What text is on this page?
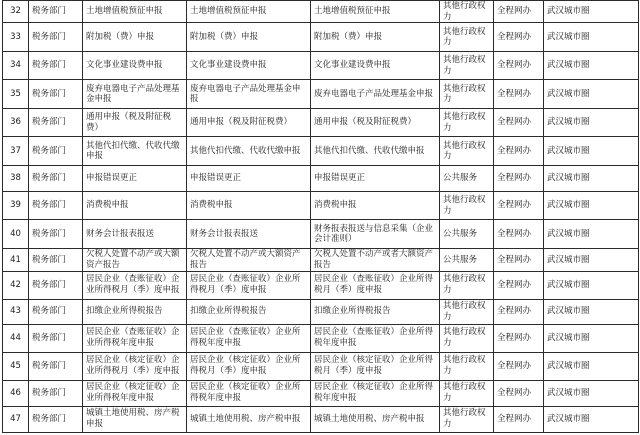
32	税务部门	土地增值税预征申报	土地增值税预征申报	土地增值税预征申报	其他行政权力	全程网办	武汉城市圈
33	税务部门	附加税（费）申报	附加税（费）申报	附加税（费）申报	其他行政权力	全程网办	武汉城市圈
34	税务部门	文化事业建设费申报	文化事业建设费申报	文化事业建设费申报	其他行政权力	全程网办	武汉城市圈
35	税务部门	废弃电器电子产品处理基金申报	废弃电器电子产品处理基金申报	废弃电器电子产品处理基金申报	其他行政权力	全程网办	武汉城市圈
36	税务部门	通用申报（税及附征税费）	通用申报（税及附征税费）	通用申报（税及附征税费）	其他行政权力	全程网办	武汉城市圈
37	税务部门	其他代扣代缴、代收代缴申报	其他代扣代缴、代收代缴申报	其他代扣代缴、代收代缴申报	其他行政权力	全程网办	武汉城市圈
38	税务部门	申报错误更正	申报错误更正	申报错误更正	公共服务	全程网办	武汉城市圈
39	税务部门	消费税申报	消费税申报	消费税申报	其他行政权力	全程网办	武汉城市圈
40	税务部门	财务会计报表报送	财务会计报表报送	财务报表报送与信息采集（企业会计准则）	公共服务	全程网办	武汉城市圈
41	税务部门	欠税人处置不动产或大额资产报告	欠税人处置不动产或大额资产报告	欠税人处置不动产或者大额资产报告	公共服务	全程网办	武汉城市圈
42	税务部门	居民企业（查账征收）企业所得税月（季）度申报	居民企业（查账征收）企业所得税月（季）度申报	居民企业（查账征收）企业所得税月（季）度申报	其他行政权力	全程网办	武汉城市圈
43	税务部门	扣缴企业所得税报告	扣缴企业所得税报告	扣缴企业所得税报告	其他行政权力	全程网办	武汉城市圈
44	税务部门	居民企业（查账征收）企业所得税年度申报	居民企业（查账征收）企业所得税年度申报	居民企业（查账征收）企业所得税年度申报	其他行政权力	全程网办	武汉城市圈
45	税务部门	居民企业（核定征收）企业所得税月（季）度申报	居民企业（核定征收）企业所得税月（季）度申报	居民企业（核定征收）企业所得税月（季）度申报	其他行政权力	全程网办	武汉城市圈
46	税务部门	居民企业（核定征收）企业所得税年度申报	居民企业（核定征收）企业所得税年度申报	居民企业（核定征收）企业所得税年度申报	其他行政权力	全程网办	武汉城市圈
47	税务部门	城镇土地使用税、房产税申报	城镇土地使用税、房产税申报	城镇土地使用税、房产税申报	其他行政权力	全程网办	武汉城市圈
